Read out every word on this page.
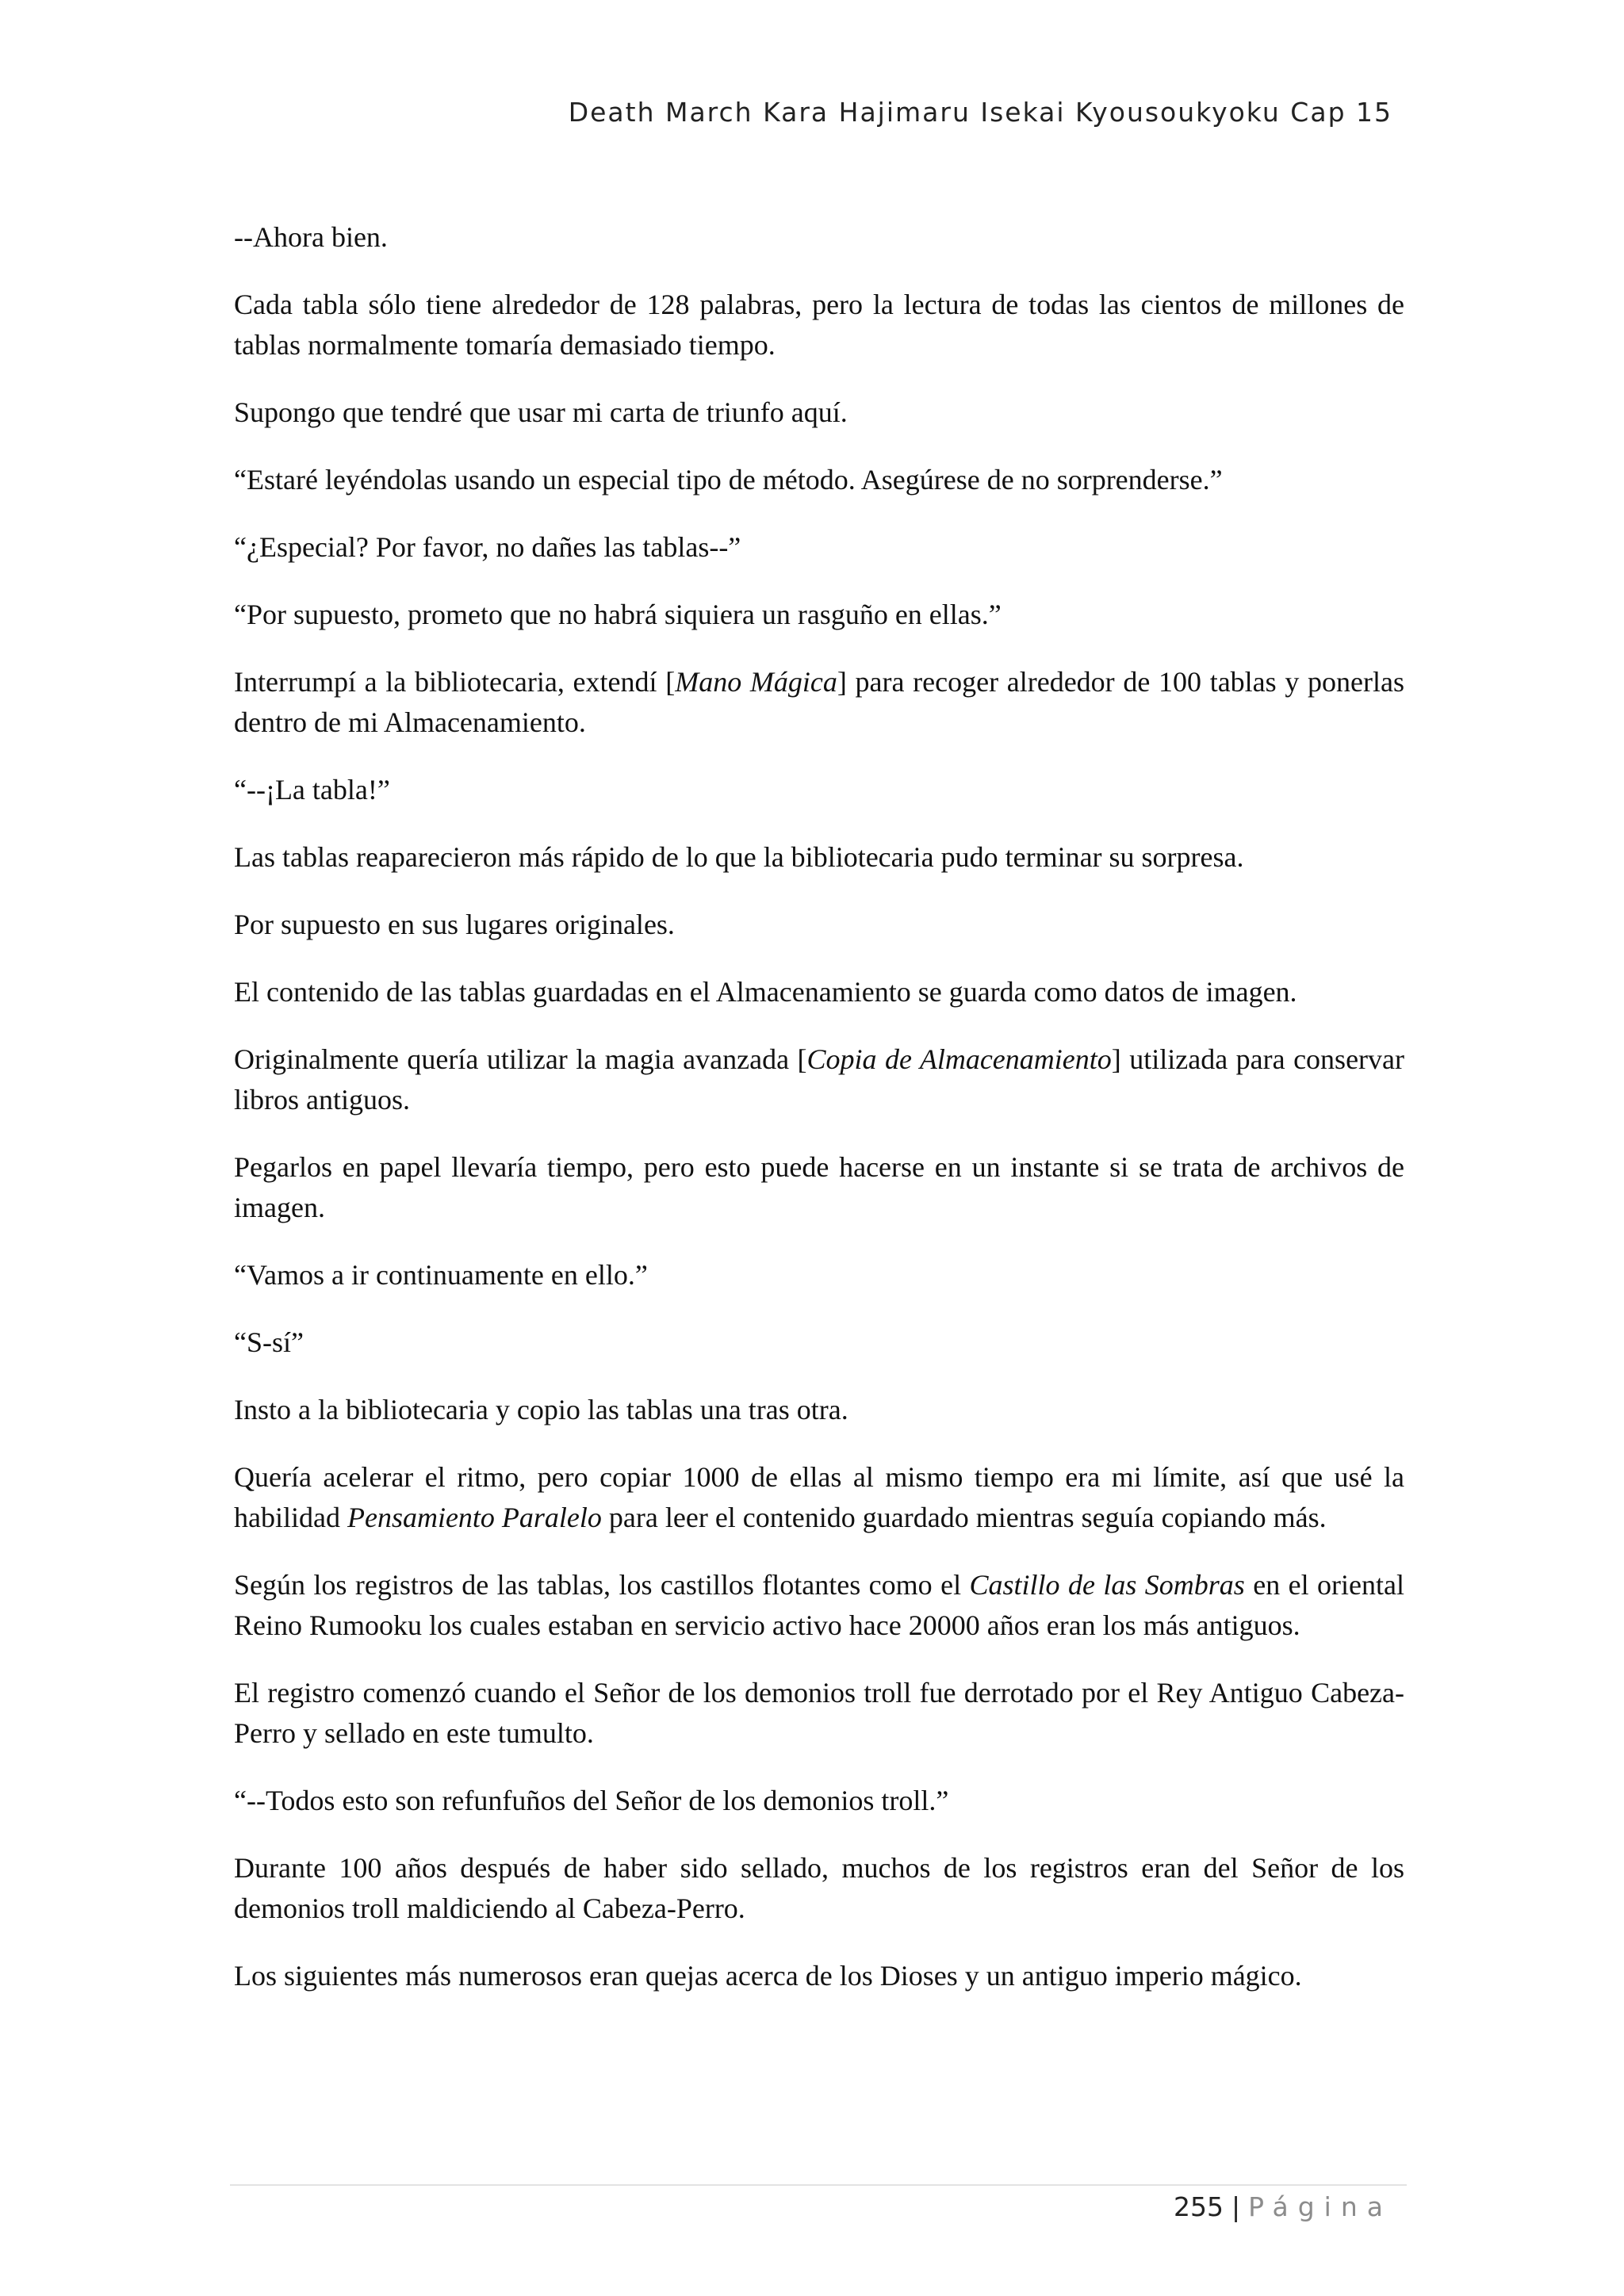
Death March Kara Hajimaru Isekai Kyousoukyoku Cap 15

--Ahora bien.

Cada tabla sólo tiene alrededor de 128 palabras, pero la lectura de todas las cientos de millones de tablas normalmente tomaría demasiado tiempo.

Supongo que tendré que usar mi carta de triunfo aquí.

“Estaré leyéndolas usando un especial tipo de método. Asegúrese de no sorprenderse.”

“¿Especial? Por favor, no dañes las tablas--”

“Por supuesto, prometo que no habrá siquiera un rasguño en ellas.”

Interrumpí a la bibliotecaria, extendí [Mano Mágica] para recoger alrededor de 100 tablas y ponerlas dentro de mi Almacenamiento.

“--¡La tabla!”

Las tablas reaparecieron más rápido de lo que la bibliotecaria pudo terminar su sorpresa.

Por supuesto en sus lugares originales.

El contenido de las tablas guardadas en el Almacenamiento se guarda como datos de imagen.

Originalmente quería utilizar la magia avanzada [Copia de Almacenamiento] utilizada para conservar libros antiguos.

Pegarlos en papel llevaría tiempo, pero esto puede hacerse en un instante si se trata de archivos de imagen.

“Vamos a ir continuamente en ello.”

“S-sí”

Insto a la bibliotecaria y copio las tablas una tras otra.

Quería acelerar el ritmo, pero copiar 1000 de ellas al mismo tiempo era mi límite, así que usé la habilidad Pensamiento Paralelo para leer el contenido guardado mientras seguía copiando más.

Según los registros de las tablas, los castillos flotantes como el Castillo de las Sombras en el oriental Reino Rumooku los cuales estaban en servicio activo hace 20000 años eran los más antiguos.

El registro comenzó cuando el Señor de los demonios troll fue derrotado por el Rey Antiguo Cabeza-Perro y sellado en este tumulto.

“--Todos esto son refunfuños del Señor de los demonios troll.”

Durante 100 años después de haber sido sellado, muchos de los registros eran del Señor de los demonios troll maldiciendo al Cabeza-Perro.

Los siguientes más numerosos eran quejas acerca de los Dioses y un antiguo imperio mágico.

255 | Página
